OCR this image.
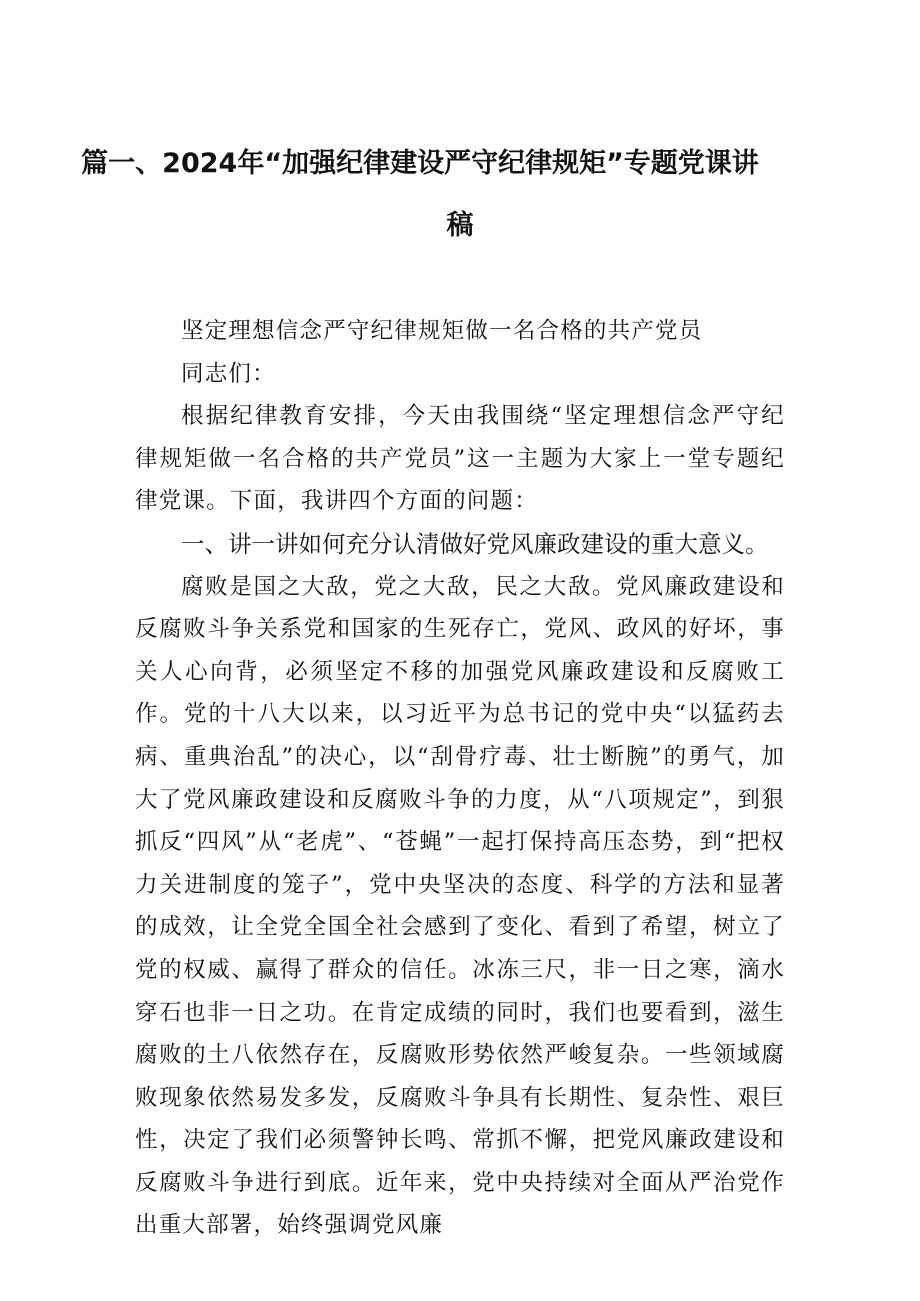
篇一、2024年“加强纪律建设严守纪律规矩”专题党课讲
稿

坚定理想信念严守纪律规矩做一名合格的共产党员

同志们：

根据纪律教育安排，今天由我围绕“坚定理想信念严守纪律规矩做一名合格的共产党员”这一主题为大家上一堂专题纪律党课。下面，我讲四个方面的问题：

一、讲一讲如何充分认清做好党风廉政建设的重大意义。

腐败是国之大敌，党之大敌，民之大敌。党风廉政建设和反腐败斗争关系党和国家的生死存亡，党风、政风的好坏，事关人心向背，必须坚定不移的加强党风廉政建设和反腐败工作。党的十八大以来，以习近平为总书记的党中央“以猛药去病、重典治乱”的决心，以“刮骨疗毒、壮士断腕”的勇气，加大了党风廉政建设和反腐败斗争的力度，从“八项规定”，到狠抓反“四风”从“老虎”、“苍蝇”一起打保持高压态势，到“把权力关进制度的笼子”，党中央坚决的态度、科学的方法和显著的成效，让全党全国全社会感到了变化、看到了希望，树立了党的权威、赢得了群众的信任。冰冻三尺，非一日之寒，滴水穿石也非一日之功。在肯定成绩的同时，我们也要看到，滋生腐败的土八依然存在，反腐败形势依然严峻复杂。一些领域腐败现象依然易发多发，反腐败斗争具有长期性、复杂性、艰巨性，决定了我们必须警钟长鸣、常抓不懈，把党风廉政建设和反腐败斗争进行到底。近年来，党中央持续对全面从严治党作出重大部署，始终强调党风廉
